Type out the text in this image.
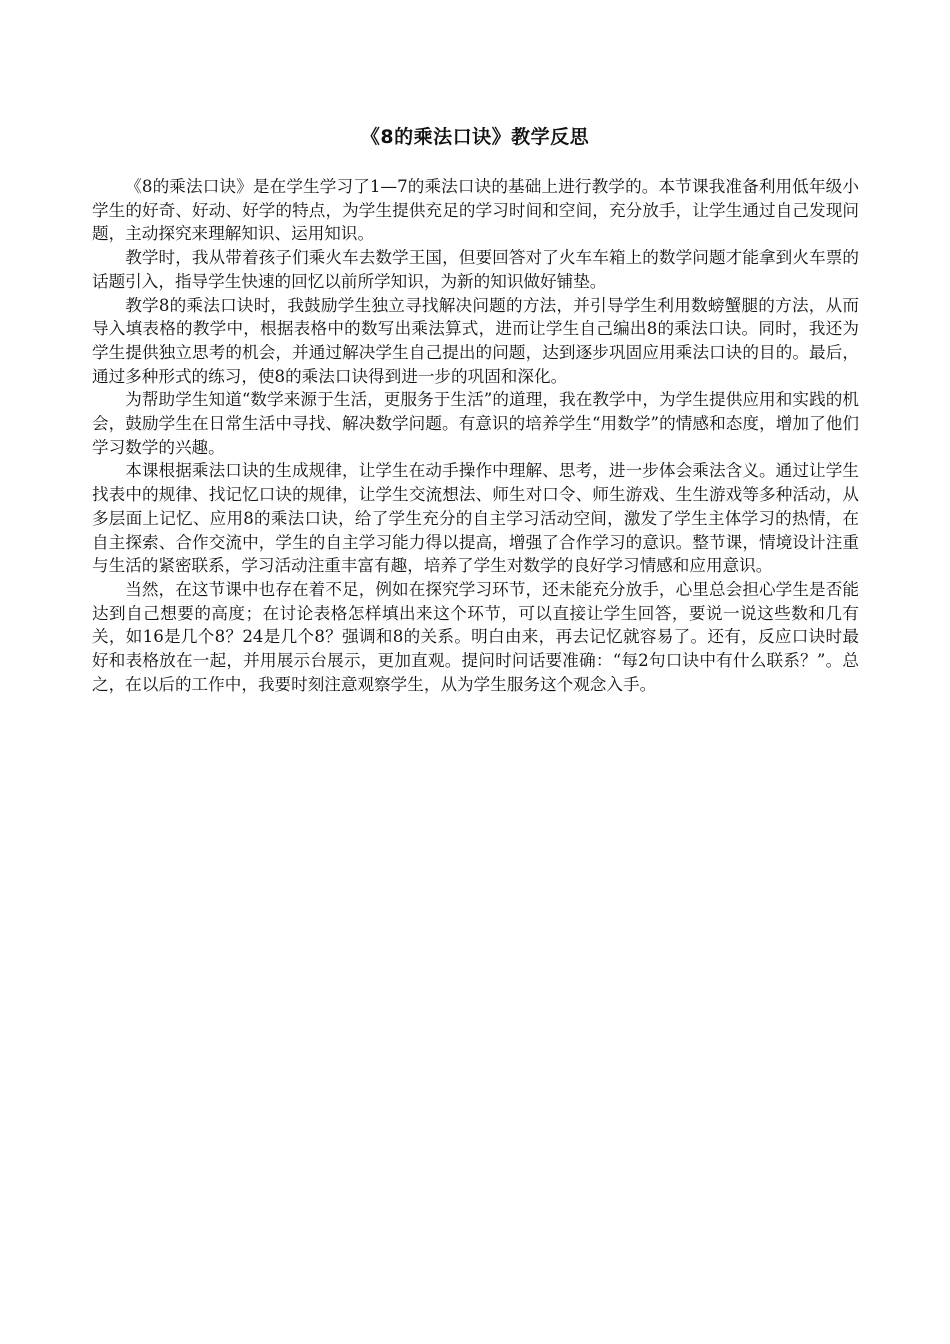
《8的乘法口诀》教学反思

《8的乘法口诀》是在学生学习了1—7的乘法口诀的基础上进行教学的。本节课我准备利用低年级小学生的好奇、好动、好学的特点，为学生提供充足的学习时间和空间，充分放手，让学生通过自己发现问题，主动探究来理解知识、运用知识。

教学时，我从带着孩子们乘火车去数学王国，但要回答对了火车车箱上的数学问题才能拿到火车票的话题引入，指导学生快速的回忆以前所学知识，为新的知识做好铺垫。

教学8的乘法口诀时，我鼓励学生独立寻找解决问题的方法，并引导学生利用数螃蟹腿的方法，从而导入填表格的教学中，根据表格中的数写出乘法算式，进而让学生自己编出8的乘法口诀。同时，我还为学生提供独立思考的机会，并通过解决学生自己提出的问题，达到逐步巩固应用乘法口诀的目的。最后，通过多种形式的练习，使8的乘法口诀得到进一步的巩固和深化。

为帮助学生知道“数学来源于生活，更服务于生活”的道理，我在教学中，为学生提供应用和实践的机会，鼓励学生在日常生活中寻找、解决数学问题。有意识的培养学生“用数学”的情感和态度，增加了他们学习数学的兴趣。

本课根据乘法口诀的生成规律，让学生在动手操作中理解、思考，进一步体会乘法含义。通过让学生找表中的规律、找记忆口诀的规律，让学生交流想法、师生对口令、师生游戏、生生游戏等多种活动，从多层面上记忆、应用8的乘法口诀，给了学生充分的自主学习活动空间，激发了学生主体学习的热情，在自主探索、合作交流中，学生的自主学习能力得以提高，增强了合作学习的意识。整节课，情境设计注重与生活的紧密联系，学习活动注重丰富有趣，培养了学生对数学的良好学习情感和应用意识。

当然，在这节课中也存在着不足，例如在探究学习环节，还未能充分放手，心里总会担心学生是否能达到自己想要的高度；在讨论表格怎样填出来这个环节，可以直接让学生回答，要说一说这些数和几有关，如16是几个8？24是几个8？强调和8的关系。明白由来，再去记忆就容易了。还有，反应口诀时最好和表格放在一起，并用展示台展示，更加直观。提问时问话要准确：“每2句口诀中有什么联系？”。总之，在以后的工作中，我要时刻注意观察学生，从为学生服务这个观念入手。
